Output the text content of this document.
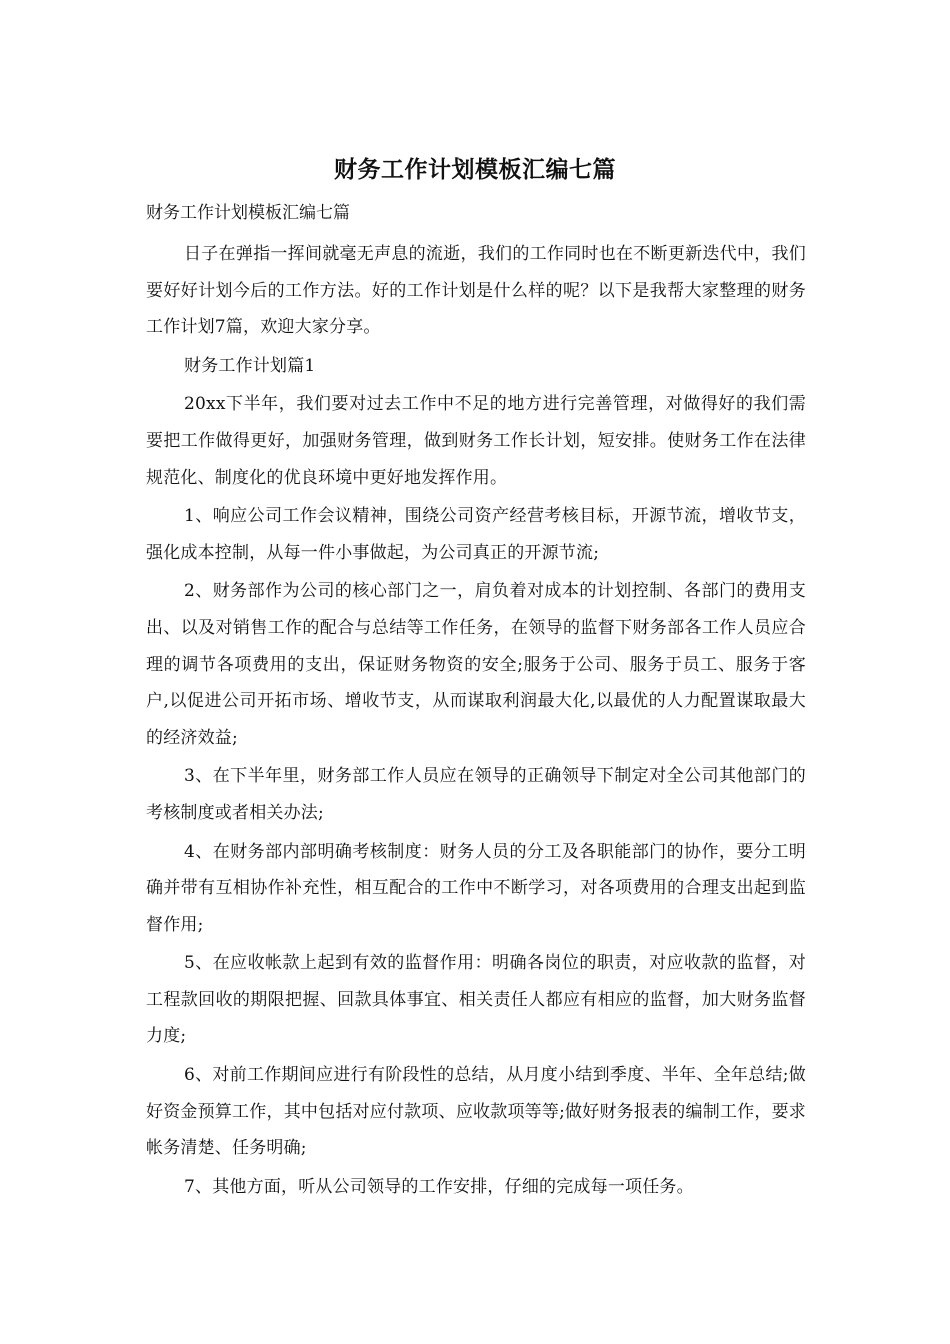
财务工作计划模板汇编七篇
财务工作计划模板汇编七篇

日子在弹指一挥间就毫无声息的流逝，我们的工作同时也在不断更新迭代中，我们要好好计划今后的工作方法。好的工作计划是什么样的呢？以下是我帮大家整理的财务工作计划7篇，欢迎大家分享。

财务工作计划篇1

20xx下半年，我们要对过去工作中不足的地方进行完善管理，对做得好的我们需要把工作做得更好，加强财务管理，做到财务工作长计划，短安排。使财务工作在法律规范化、制度化的优良环境中更好地发挥作用。

1、响应公司工作会议精神，围绕公司资产经营考核目标，开源节流，增收节支，强化成本控制，从每一件小事做起，为公司真正的开源节流;

2、财务部作为公司的核心部门之一，肩负着对成本的计划控制、各部门的费用支出、以及对销售工作的配合与总结等工作任务，在领导的监督下财务部各工作人员应合理的调节各项费用的支出，保证财务物资的安全;服务于公司、服务于员工、服务于客户,以促进公司开拓市场、增收节支，从而谋取利润最大化,以最优的人力配置谋取最大的经济效益;

3、在下半年里，财务部工作人员应在领导的正确领导下制定对全公司其他部门的考核制度或者相关办法;

4、在财务部内部明确考核制度：财务人员的分工及各职能部门的协作，要分工明确并带有互相协作补充性，相互配合的工作中不断学习，对各项费用的合理支出起到监督作用;

5、在应收帐款上起到有效的监督作用：明确各岗位的职责，对应收款的监督，对工程款回收的期限把握、回款具体事宜、相关责任人都应有相应的监督，加大财务监督力度;

6、对前工作期间应进行有阶段性的总结，从月度小结到季度、半年、全年总结;做好资金预算工作，其中包括对应付款项、应收款项等等;做好财务报表的编制工作，要求帐务清楚、任务明确;

7、其他方面，听从公司领导的工作安排，仔细的完成每一项任务。
